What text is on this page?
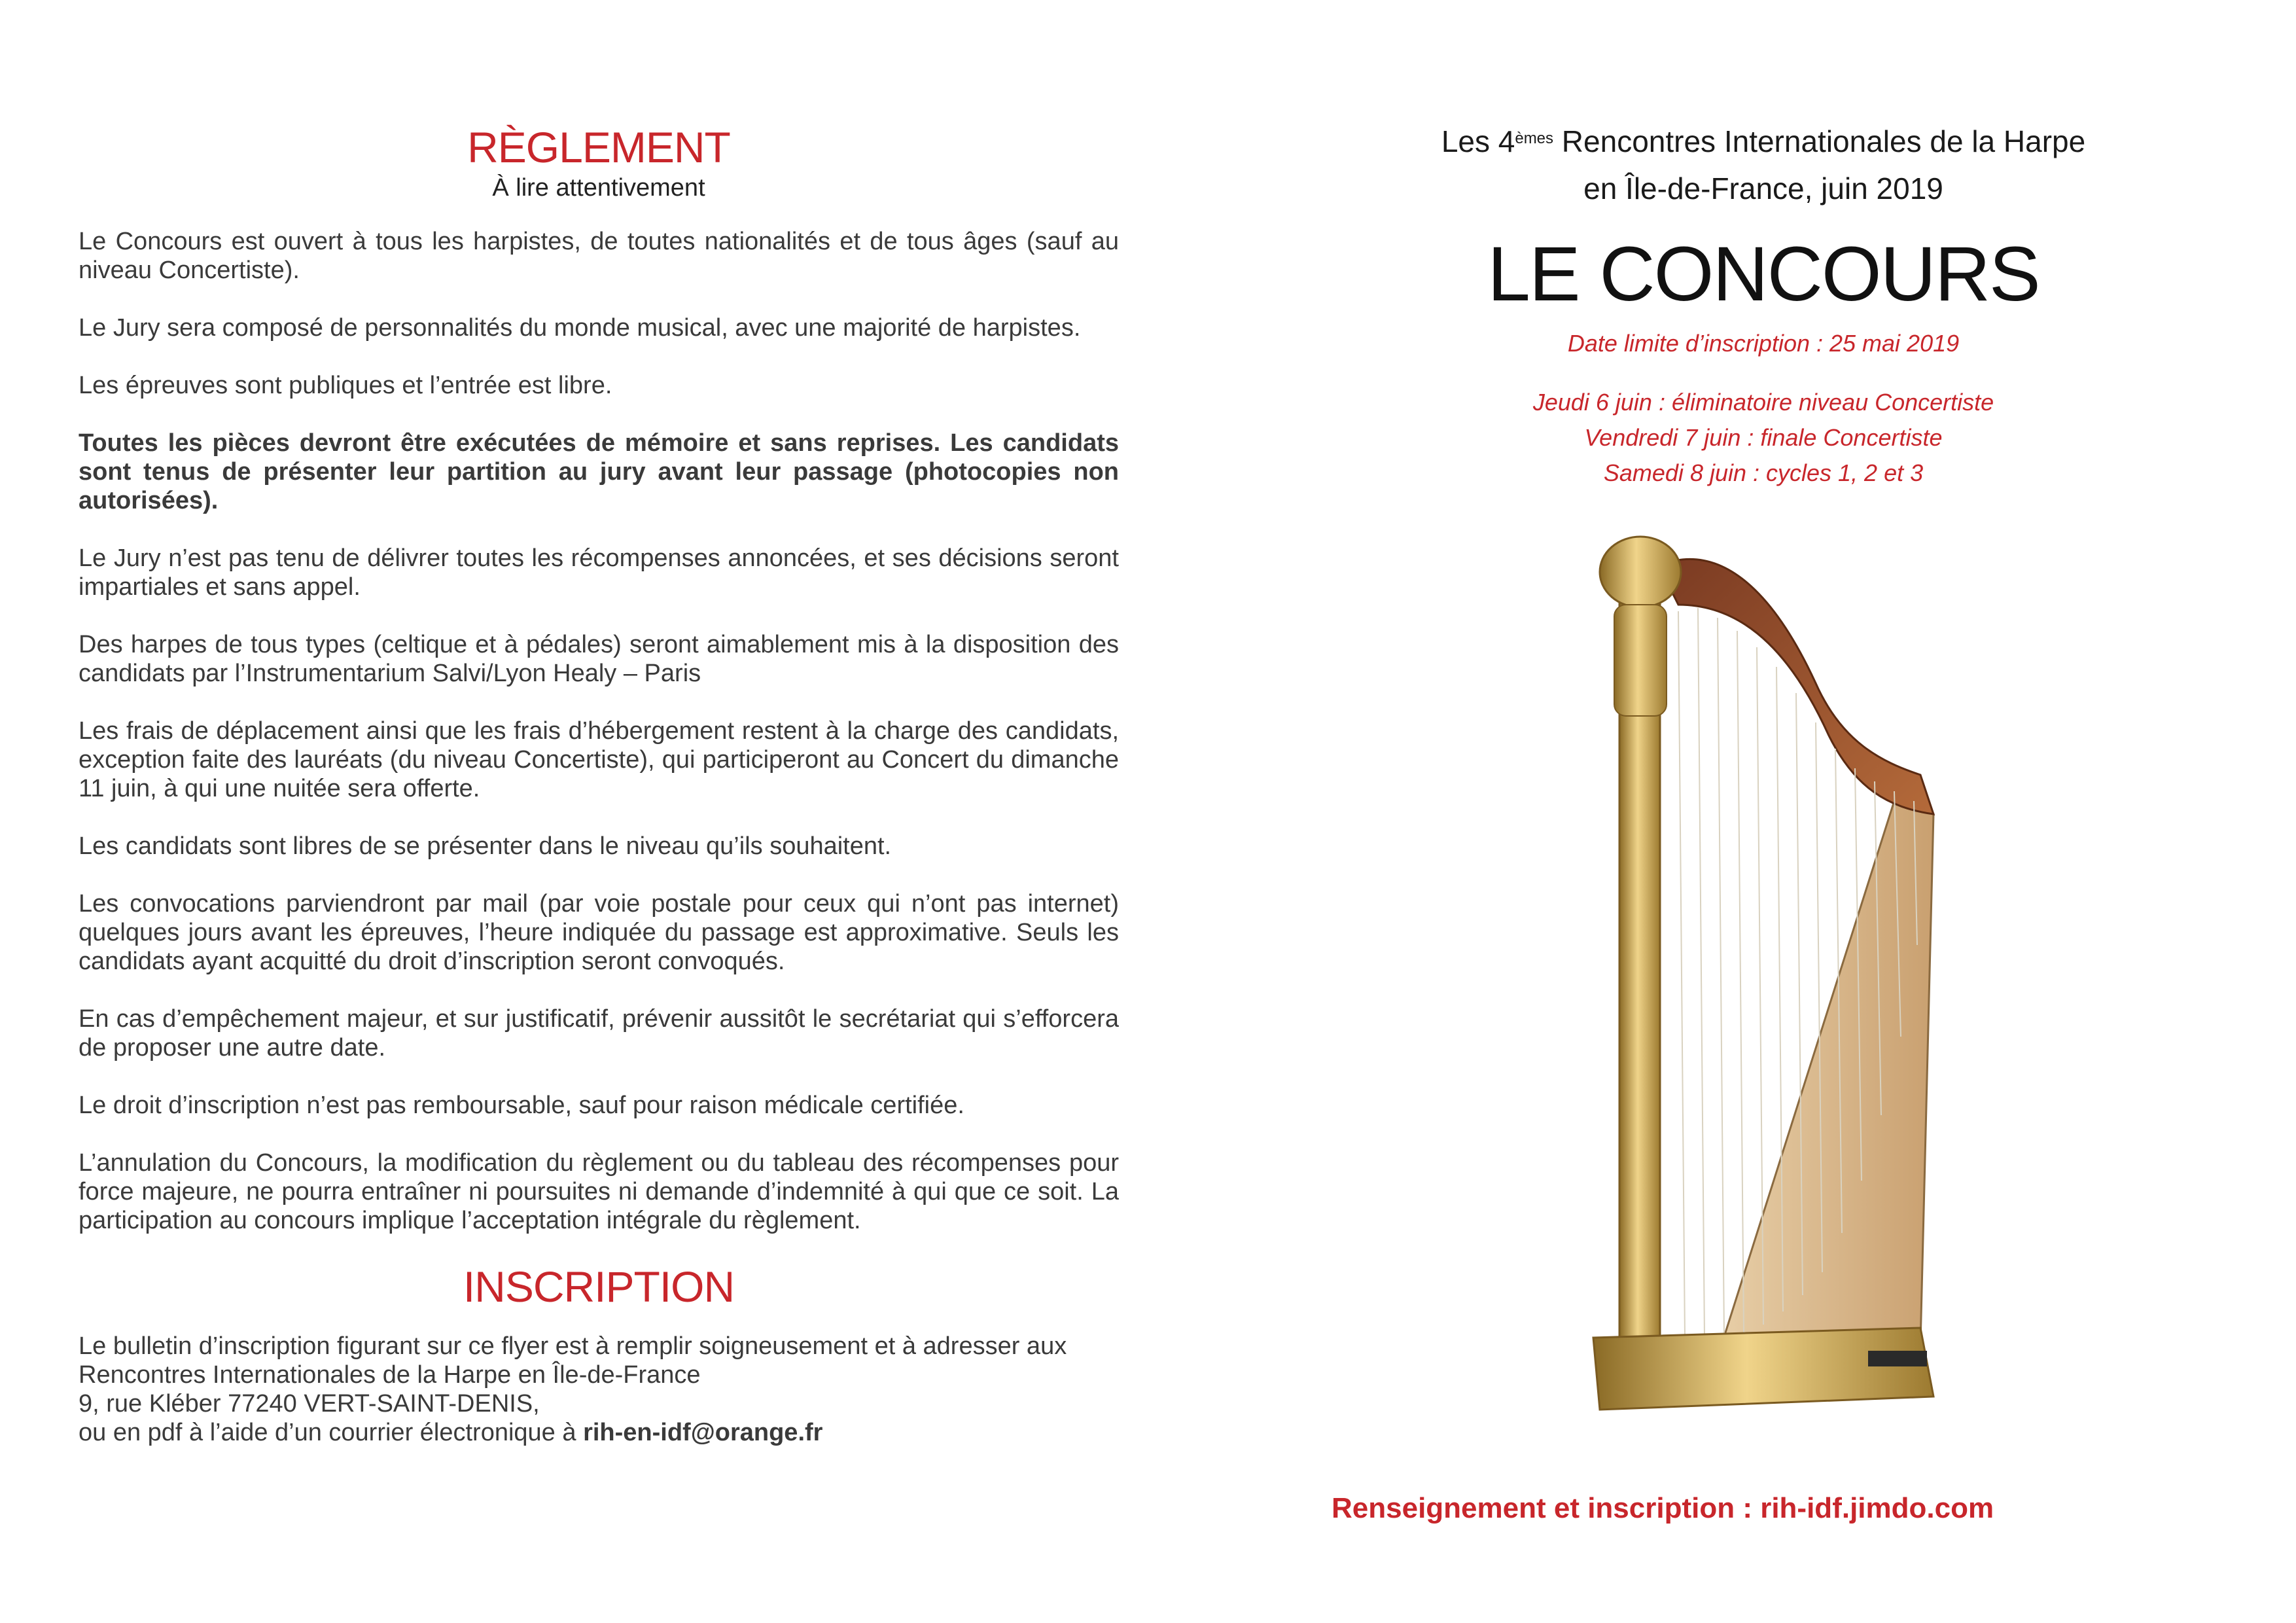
RÈGLEMENT
À lire attentivement

Le Concours est ouvert à tous les harpistes, de toutes nationalités et de tous âges (sauf au niveau Concertiste).

Le Jury sera composé de personnalités du monde musical, avec une majorité de harpistes.

Les épreuves sont publiques et l’entrée est libre.

Toutes les pièces devront être exécutées de mémoire et sans reprises. Les candidats sont tenus de présenter leur partition au jury avant leur passage (photocopies non autorisées).

Le Jury n’est pas tenu de délivrer toutes les récompenses annoncées, et ses décisions seront impartiales et sans appel.

Des harpes de tous types (celtique et à pédales) seront aimablement mis à la disposition des candidats par l’Instrumentarium Salvi/Lyon Healy – Paris

Les frais de déplacement ainsi que les frais d’hébergement restent à la charge des candidats, exception faite des lauréats (du niveau Concertiste), qui participeront au Concert du dimanche 11 juin, à qui une nuitée sera offerte.

Les candidats sont libres de se présenter dans le niveau qu’ils souhaitent.

Les convocations parviendront par mail (par voie postale pour ceux qui n’ont pas internet) quelques jours avant les épreuves, l’heure indiquée du passage est approximative. Seuls les candidats ayant acquitté du droit d’inscription seront convoqués.

En cas d’empêchement majeur, et sur justificatif, prévenir aussitôt le secrétariat qui s’efforcera de proposer une autre date.

Le droit d’inscription n’est pas remboursable, sauf pour raison médicale certifiée.

L’annulation du Concours, la modification du règlement ou du tableau des récompenses pour force majeure, ne pourra entraîner ni poursuites ni demande d’indemnité à qui que ce soit. La participation au concours implique l’acceptation intégrale du règlement.

INSCRIPTION
Le bulletin d’inscription figurant sur ce flyer est à remplir soigneusement et à adresser aux
Rencontres Internationales de la Harpe en Île-de-France
9, rue Kléber 77240 VERT-SAINT-DENIS,
ou en pdf à l’aide d’un courrier électronique à rih-en-idf@orange.fr
Les 4èmes Rencontres Internationales de la Harpe
en Île-de-France, juin 2019
LE CONCOURS
Date limite d’inscription : 25 mai 2019
Jeudi 6 juin : éliminatoire niveau Concertiste
Vendredi 7 juin : finale Concertiste
Samedi 8 juin : cycles 1, 2 et 3
Renseignement et inscription : rih-idf.jimdo.com
